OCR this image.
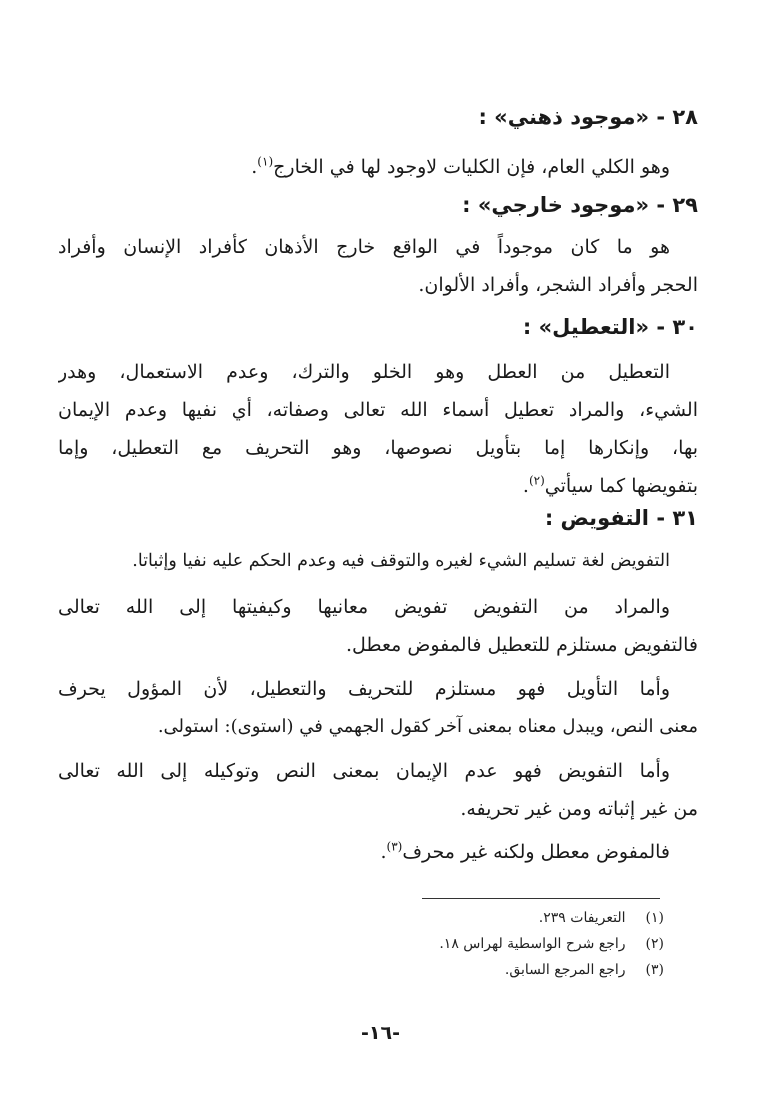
٢٨ - «موجود ذهني» :
وهو الكلي العام، فإن الكليات لاوجود لها في الخارج$^{(١)}$.
٢٩ - «موجود خارجي» :
هو ما كان موجوداً في الواقع خارج الأذهان كأفراد الإنسان وأفراد
الحجر وأفراد الشجر، وأفراد الألوان.
٣٠ - «التعطيل» :
التعطيل من العطل وهو الخلو والترك، وعدم الاستعمال، وهدر
الشيء، والمراد تعطيل أسماء الله تعالى وصفاته، أي نفيها وعدم الإيمان
بها، وإنكارها إما بتأويل نصوصها، وهو التحريف مع التعطيل، وإما
بتفويضها كما سيأتي$^{(٢)}$.
٣١ - التفويض :
التفويض لغة تسليم الشيء لغيره والتوقف فيه وعدم الحكم عليه نفيا وإثباتا.
والمراد من التفويض تفويض معانيها وكيفيتها إلى الله تعالى
فالتفويض مستلزم للتعطيل فالمفوض معطل.
وأما التأويل فهو مستلزم للتحريف والتعطيل، لأن المؤول يحرف
معنى النص، ويبدل معناه بمعنى آخر كقول الجهمي في (استوى): استولى.
وأما التفويض فهو عدم الإيمان بمعنى النص وتوكيله إلى الله تعالى
من غير إثباته ومن غير تحريفه.
فالمفوض معطل ولكنه غير محرف$^{(٣)}$.
(١) التعريفات ٢٣٩.
(٢) راجع شرح الواسطية لهراس ١٨.
(٣) راجع المرجع السابق.
-١٦-
